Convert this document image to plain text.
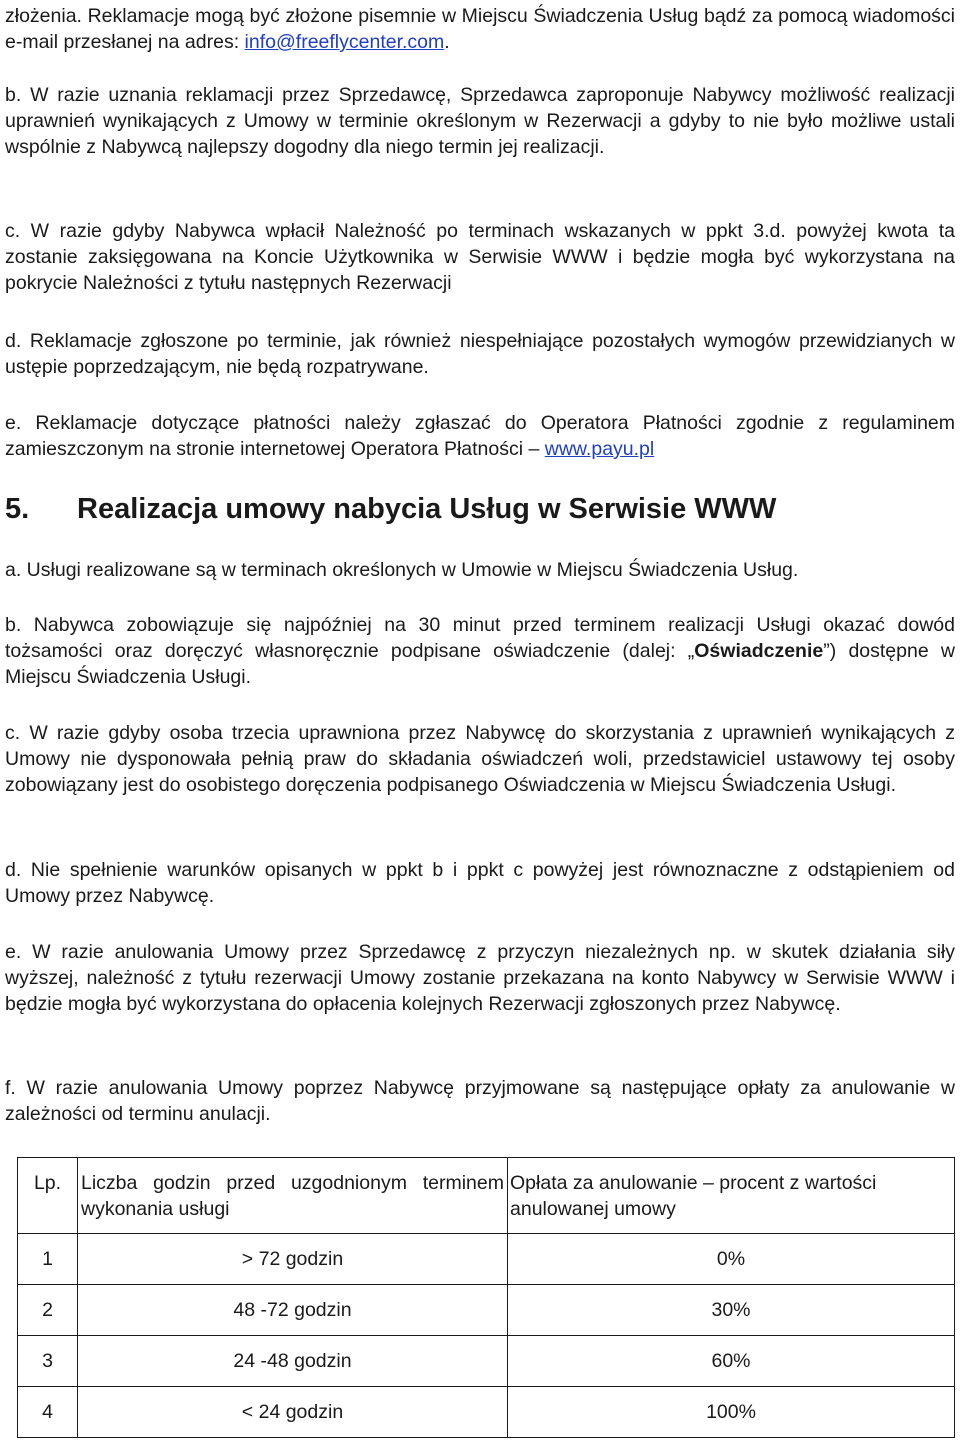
złożenia. Reklamacje mogą być złożone pisemnie w Miejscu Świadczenia Usług bądź za pomocą wiadomości e-mail przesłanej na adres: info@freeflycenter.com.

b. W razie uznania reklamacji przez Sprzedawcę, Sprzedawca zaproponuje Nabywcy możliwość realizacji uprawnień wynikających z Umowy w terminie określonym w Rezerwacji a gdyby to nie było możliwe ustali wspólnie z Nabywcą najlepszy dogodny dla niego termin jej realizacji.

c. W razie gdyby Nabywca wpłacił Należność po terminach wskazanych w ppkt 3.d. powyżej kwota ta zostanie zaksięgowana na Koncie Użytkownika w Serwisie WWW i będzie mogła być wykorzystana na pokrycie Należności z tytułu następnych Rezerwacji

d. Reklamacje zgłoszone po terminie, jak również niespełniające pozostałych wymogów przewidzianych w ustępie poprzedzającym, nie będą rozpatrywane.

e. Reklamacje dotyczące płatności należy zgłaszać do Operatora Płatności zgodnie z regulaminem zamieszczonym na stronie internetowej Operatora Płatności – www.payu.pl

5. Realizacja umowy nabycia Usług w Serwisie WWW

a. Usługi realizowane są w terminach określonych w Umowie w Miejscu Świadczenia Usług.

b. Nabywca zobowiązuje się najpóźniej na 30 minut przed terminem realizacji Usługi okazać dowód tożsamości oraz doręczyć własnoręcznie podpisane oświadczenie (dalej: „Oświadczenie”) dostępne w Miejscu Świadczenia Usługi.

c. W razie gdyby osoba trzecia uprawniona przez Nabywcę do skorzystania z uprawnień wynikających z Umowy nie dysponowała pełnią praw do składania oświadczeń woli, przedstawiciel ustawowy tej osoby zobowiązany jest do osobistego doręczenia podpisanego Oświadczenia w Miejscu Świadczenia Usługi.

d. Nie spełnienie warunków opisanych w ppkt b i ppkt c powyżej jest równoznaczne z odstąpieniem od Umowy przez Nabywcę.

e. W razie anulowania Umowy przez Sprzedawcę z przyczyn niezależnych np. w skutek działania siły wyższej, należność z tytułu rezerwacji Umowy zostanie przekazana na konto Nabywcy w Serwisie WWW i będzie mogła być wykorzystana do opłacenia kolejnych Rezerwacji zgłoszonych przez Nabywcę.

f. W razie anulowania Umowy poprzez Nabywcę przyjmowane są następujące opłaty za anulowanie w zależności od terminu anulacji.

Lp.	Liczba godzin przed uzgodnionym terminem wykonania usługi	Opłata za anulowanie – procent z wartości anulowanej umowy
1	> 72 godzin	0%
2	48 -72 godzin	30%
3	24 -48 godzin	60%
4	< 24 godzin	100%
